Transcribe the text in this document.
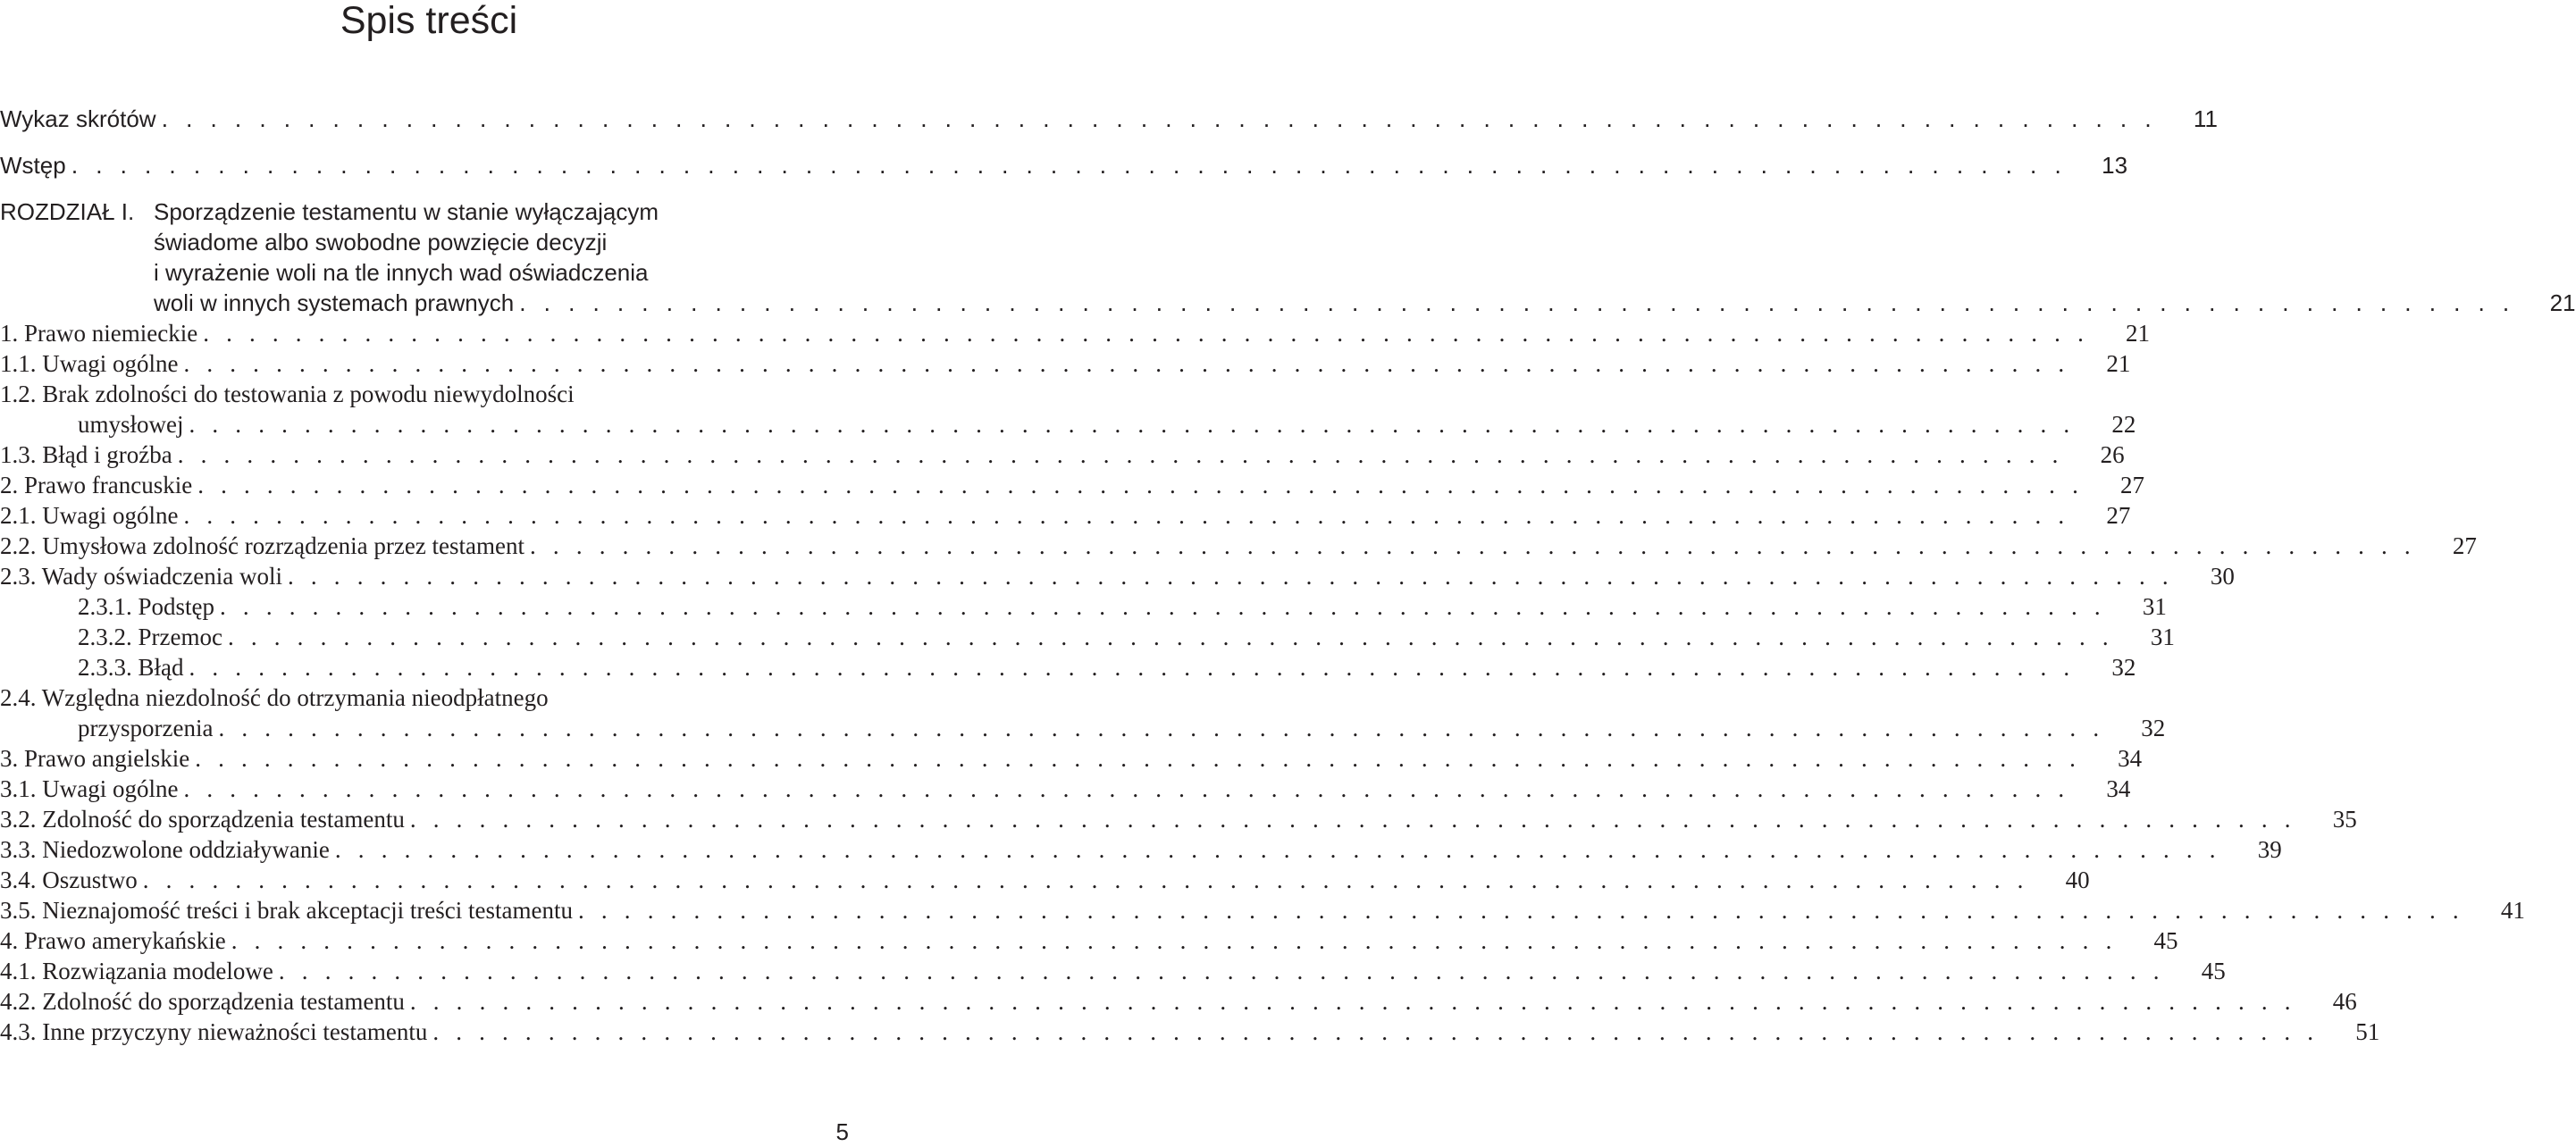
Spis treści
Wykaz skrótów . . . . . . . . . . . . . . . . . . . . . . . . . . . . . . . . . . . . . . . . . . . . . . . . . . . . . . . . . . . . . . . . . . . . . . . . . . . . . . . . . .	11
Wstęp . . . . . . . . . . . . . . . . . . . . . . . . . . . . . . . . . . . . . . . . . . . . . . . . . . . . . . . . . . . . . . . . . . . . . . . . . . . . . . . . . .	13
ROZDZIAŁ I. Sporządzenie testamentu w stanie wyłączającym
świadome albo swobodne powzięcie decyzji
i wyrażenie woli na tle innych wad oświadczenia
woli w innych systemach prawnych . . . . . . . . . . . . . . . . . . . . . . . . . . . . . . . . . . . . . . . . . . . . . . . . . . . . . . . . . . . . . . . . . . . . . . . . . . . . . . . . . .	21
1. Prawo niemieckie . . . . . . . . . . . . . . . . . . . . . . . . . . . . . . . . . . . . . . . . . . . . . . . . . . . . . . . . . . . . . . . . . . . . . . . . . . . . . . . . . .	21
1.1. Uwagi ogólne . . . . . . . . . . . . . . . . . . . . . . . . . . . . . . . . . . . . . . . . . . . . . . . . . . . . . . . . . . . . . . . . . . . . . . . . . . . . . . . . . .	21
1.2. Brak zdolności do testowania z powodu niewydolności
umysłowej . . . . . . . . . . . . . . . . . . . . . . . . . . . . . . . . . . . . . . . . . . . . . . . . . . . . . . . . . . . . . . . . . . . . . . . . . . . . . . . . . .	22
1.3. Błąd i groźba . . . . . . . . . . . . . . . . . . . . . . . . . . . . . . . . . . . . . . . . . . . . . . . . . . . . . . . . . . . . . . . . . . . . . . . . . . . . . . . . . .	26
2. Prawo francuskie . . . . . . . . . . . . . . . . . . . . . . . . . . . . . . . . . . . . . . . . . . . . . . . . . . . . . . . . . . . . . . . . . . . . . . . . . . . . . . . . . .	27
2.1. Uwagi ogólne . . . . . . . . . . . . . . . . . . . . . . . . . . . . . . . . . . . . . . . . . . . . . . . . . . . . . . . . . . . . . . . . . . . . . . . . . . . . . . . . . .	27
2.2. Umysłowa zdolność rozrządzenia przez testament . . . . . . . . . . . . . . . . . . . . . . . . . . . . . . . . . . . . . . . . . . . . . . . . . . . . . . . . . . . . . . . . . . . . . . . . . . . . . . . . . .	27
2.3. Wady oświadczenia woli . . . . . . . . . . . . . . . . . . . . . . . . . . . . . . . . . . . . . . . . . . . . . . . . . . . . . . . . . . . . . . . . . . . . . . . . . . . . . . . . . .	30
2.3.1. Podstęp . . . . . . . . . . . . . . . . . . . . . . . . . . . . . . . . . . . . . . . . . . . . . . . . . . . . . . . . . . . . . . . . . . . . . . . . . . . . . . . . . .	31
2.3.2. Przemoc . . . . . . . . . . . . . . . . . . . . . . . . . . . . . . . . . . . . . . . . . . . . . . . . . . . . . . . . . . . . . . . . . . . . . . . . . . . . . . . . . .	31
2.3.3. Błąd . . . . . . . . . . . . . . . . . . . . . . . . . . . . . . . . . . . . . . . . . . . . . . . . . . . . . . . . . . . . . . . . . . . . . . . . . . . . . . . . . .	32
2.4. Względna niezdolność do otrzymania nieodpłatnego
przysporzenia . . . . . . . . . . . . . . . . . . . . . . . . . . . . . . . . . . . . . . . . . . . . . . . . . . . . . . . . . . . . . . . . . . . . . . . . . . . . . . . . . .	32
3. Prawo angielskie . . . . . . . . . . . . . . . . . . . . . . . . . . . . . . . . . . . . . . . . . . . . . . . . . . . . . . . . . . . . . . . . . . . . . . . . . . . . . . . . . .	34
3.1. Uwagi ogólne . . . . . . . . . . . . . . . . . . . . . . . . . . . . . . . . . . . . . . . . . . . . . . . . . . . . . . . . . . . . . . . . . . . . . . . . . . . . . . . . . .	34
3.2. Zdolność do sporządzenia testamentu . . . . . . . . . . . . . . . . . . . . . . . . . . . . . . . . . . . . . . . . . . . . . . . . . . . . . . . . . . . . . . . . . . . . . . . . . . . . . . . . . .	35
3.3. Niedozwolone oddziaływanie . . . . . . . . . . . . . . . . . . . . . . . . . . . . . . . . . . . . . . . . . . . . . . . . . . . . . . . . . . . . . . . . . . . . . . . . . . . . . . . . . .	39
3.4. Oszustwo . . . . . . . . . . . . . . . . . . . . . . . . . . . . . . . . . . . . . . . . . . . . . . . . . . . . . . . . . . . . . . . . . . . . . . . . . . . . . . . . . .	40
3.5. Nieznajomość treści i brak akceptacji treści testamentu . . . . . . . . . . . . . . . . . . . . . . . . . . . . . . . . . . . . . . . . . . . . . . . . . . . . . . . . . . . . . . . . . . . . . . . . . . . . . . . . . .	41
4. Prawo amerykańskie . . . . . . . . . . . . . . . . . . . . . . . . . . . . . . . . . . . . . . . . . . . . . . . . . . . . . . . . . . . . . . . . . . . . . . . . . . . . . . . . . .	45
4.1. Rozwiązania modelowe . . . . . . . . . . . . . . . . . . . . . . . . . . . . . . . . . . . . . . . . . . . . . . . . . . . . . . . . . . . . . . . . . . . . . . . . . . . . . . . . . .	45
4.2. Zdolność do sporządzenia testamentu . . . . . . . . . . . . . . . . . . . . . . . . . . . . . . . . . . . . . . . . . . . . . . . . . . . . . . . . . . . . . . . . . . . . . . . . . . . . . . . . . .	46
4.3. Inne przyczyny nieważności testamentu . . . . . . . . . . . . . . . . . . . . . . . . . . . . . . . . . . . . . . . . . . . . . . . . . . . . . . . . . . . . . . . . . . . . . . . . . . . . . . . . . .	51
5
